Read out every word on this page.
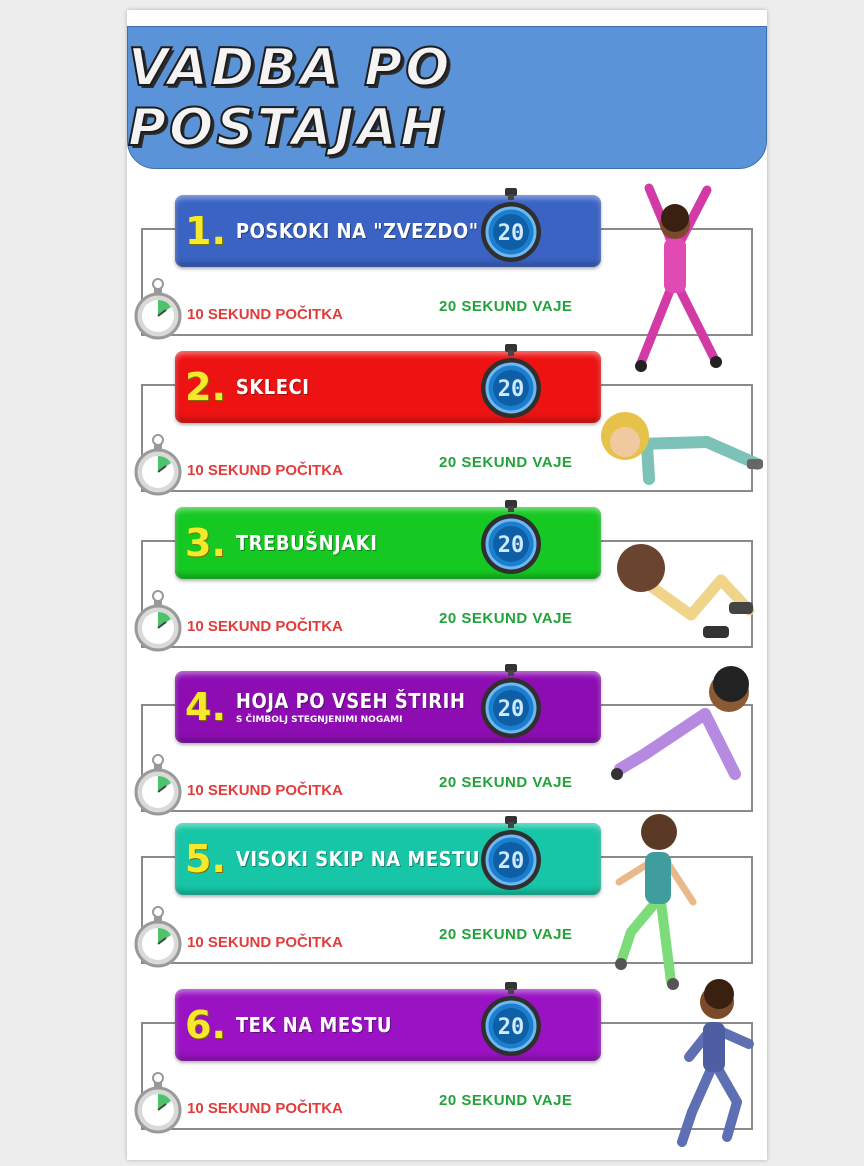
VADBA PO POSTAJAH
1. POSKOKI NA "ZVEZDO" 20
10 SEKUND POČITKA	20 SEKUND VAJE
2. SKLECI	20
10 SEKUND POČITKA	20 SEKUND VAJE
3. TREBUŠNJAKI	20
10 SEKUND POČITKA	20 SEKUND VAJE
4. HOJA PO VSEH ŠTIRIH
S ČIMBOLJ STEGNJENIMI NOGAMI	20
10 SEKUND POČITKA	20 SEKUND VAJE
5. VISOKI SKIP NA MESTU 20
10 SEKUND POČITKA	20 SEKUND VAJE
6. TEK NA MESTU	20
10 SEKUND POČITKA	20 SEKUND VAJE
